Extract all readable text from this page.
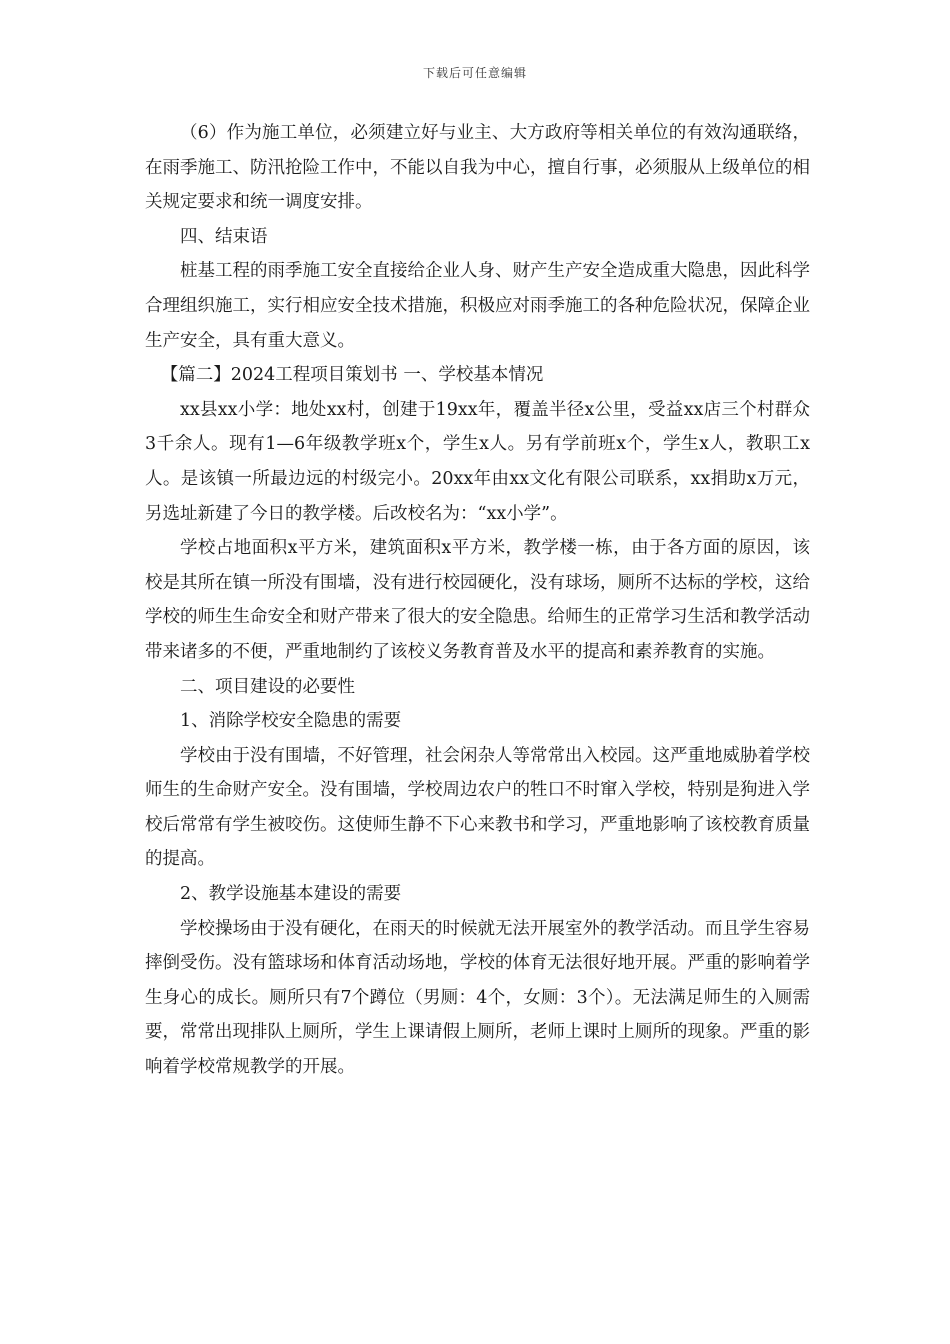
下载后可任意编辑

（6）作为施工单位，必须建立好与业主、大方政府等相关单位的有效沟通联络，在雨季施工、防汛抢险工作中，不能以自我为中心，擅自行事，必须服从上级单位的相关规定要求和统一调度安排。

四、结束语

桩基工程的雨季施工安全直接给企业人身、财产生产安全造成重大隐患，因此科学合理组织施工，实行相应安全技术措施，积极应对雨季施工的各种危险状况，保障企业生产安全，具有重大意义。

【篇二】2024工程项目策划书 一、学校基本情况

xx县xx小学：地处xx村，创建于19xx年，覆盖半径x公里，受益xx店三个村群众3千余人。现有1—6年级教学班x个，学生x人。另有学前班x个，学生x人，教职工x人。是该镇一所最边远的村级完小。20xx年由xx文化有限公司联系，xx捐助x万元，另选址新建了今日的教学楼。后改校名为：“xx小学”。

学校占地面积x平方米，建筑面积x平方米，教学楼一栋，由于各方面的原因，该校是其所在镇一所没有围墙，没有进行校园硬化，没有球场，厕所不达标的学校，这给学校的师生生命安全和财产带来了很大的安全隐患。给师生的正常学习生活和教学活动带来诸多的不便，严重地制约了该校义务教育普及水平的提高和素养教育的实施。

二、项目建设的必要性

1、消除学校安全隐患的需要

学校由于没有围墙，不好管理，社会闲杂人等常常出入校园。这严重地威胁着学校师生的生命财产安全。没有围墙，学校周边农户的牲口不时窜入学校，特别是狗进入学校后常常有学生被咬伤。这使师生静不下心来教书和学习，严重地影响了该校教育质量的提高。

2、教学设施基本建设的需要

学校操场由于没有硬化，在雨天的时候就无法开展室外的教学活动。而且学生容易摔倒受伤。没有篮球场和体育活动场地，学校的体育无法很好地开展。严重的影响着学生身心的成长。厕所只有7个蹲位（男厕：4个，女厕：3个）。无法满足师生的入厕需要，常常出现排队上厕所，学生上课请假上厕所，老师上课时上厕所的现象。严重的影响着学校常规教学的开展。
